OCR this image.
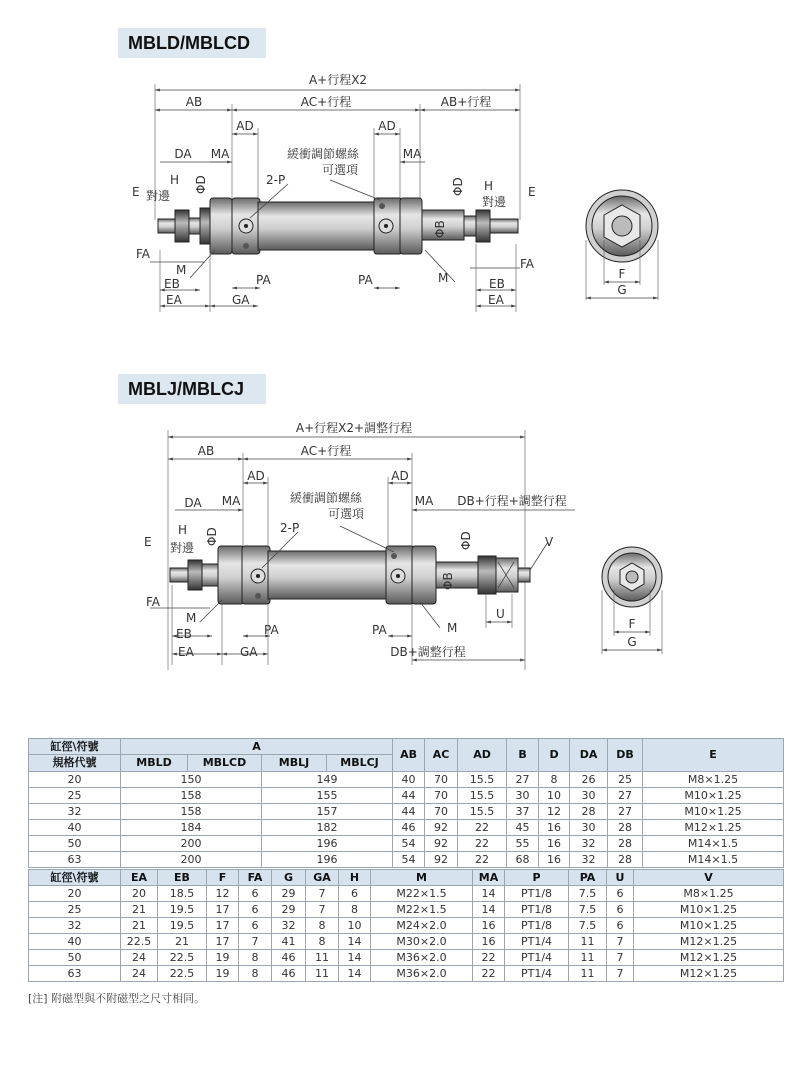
MBLD/MBLCD
A+行程X2
AB	AC+行程	AB+行程
AD	AD
DA MA	MA
緩衝調節螺絲
可選項
2-P
H
對邊
E	ΦD	ΦD H
對邊
E
ΦB
FA
FA
M
M
EB	EB
EA	EA
PA	PA
GA
F
G
MBLJ/MBLCJ
A+行程X2+調整行程
AB	AC+行程
AD	AD
DA MA	MA DB+行程+調整行程
緩衝調節螺絲
可選項
2-P
H
對邊
E	ΦD	ΦD
ΦB
V
FA
M
M
EB
EA
PA	PA
GA
U
DB+調整行程
F
G
缸徑\符號	A				AB	AC	AD	B	D	DA	DB	E
規格代號	MBLD	MBLCD	MBLJ	MBLCJ								
20	150		149		40	70	15.5	27	8	26	25	M8×1.25
25	158		155		44	70	15.5	30	10	30	27	M10×1.25
32	158		157		44	70	15.5	37	12	28	27	M10×1.25
40	184		182		46	92	22	45	16	30	28	M12×1.25
50	200		196		54	92	22	55	16	32	28	M14×1.5
63	200		196		54	92	22	68	16	32	28	M14×1.5
缸徑\符號	EA	EB	F	FA	G	GA	H	M	MA	P	PA	U	V
20	20	18.5	12	6	29	7	6	M22×1.5	14	PT1/8	7.5	6	M8×1.25
25	21	19.5	17	6	29	7	8	M22×1.5	14	PT1/8	7.5	6	M10×1.25
32	21	19.5	17	6	32	8	10	M24×2.0	16	PT1/8	7.5	6	M10×1.25
40	22.5	21	17	7	41	8	14	M30×2.0	16	PT1/4	11	7	M12×1.25
50	24	22.5	19	8	46	11	14	M36×2.0	22	PT1/4	11	7	M12×1.25
63	24	22.5	19	8	46	11	14	M36×2.0	22	PT1/4	11	7	M12×1.25
[注] 附磁型與不附磁型之尺寸相同。
